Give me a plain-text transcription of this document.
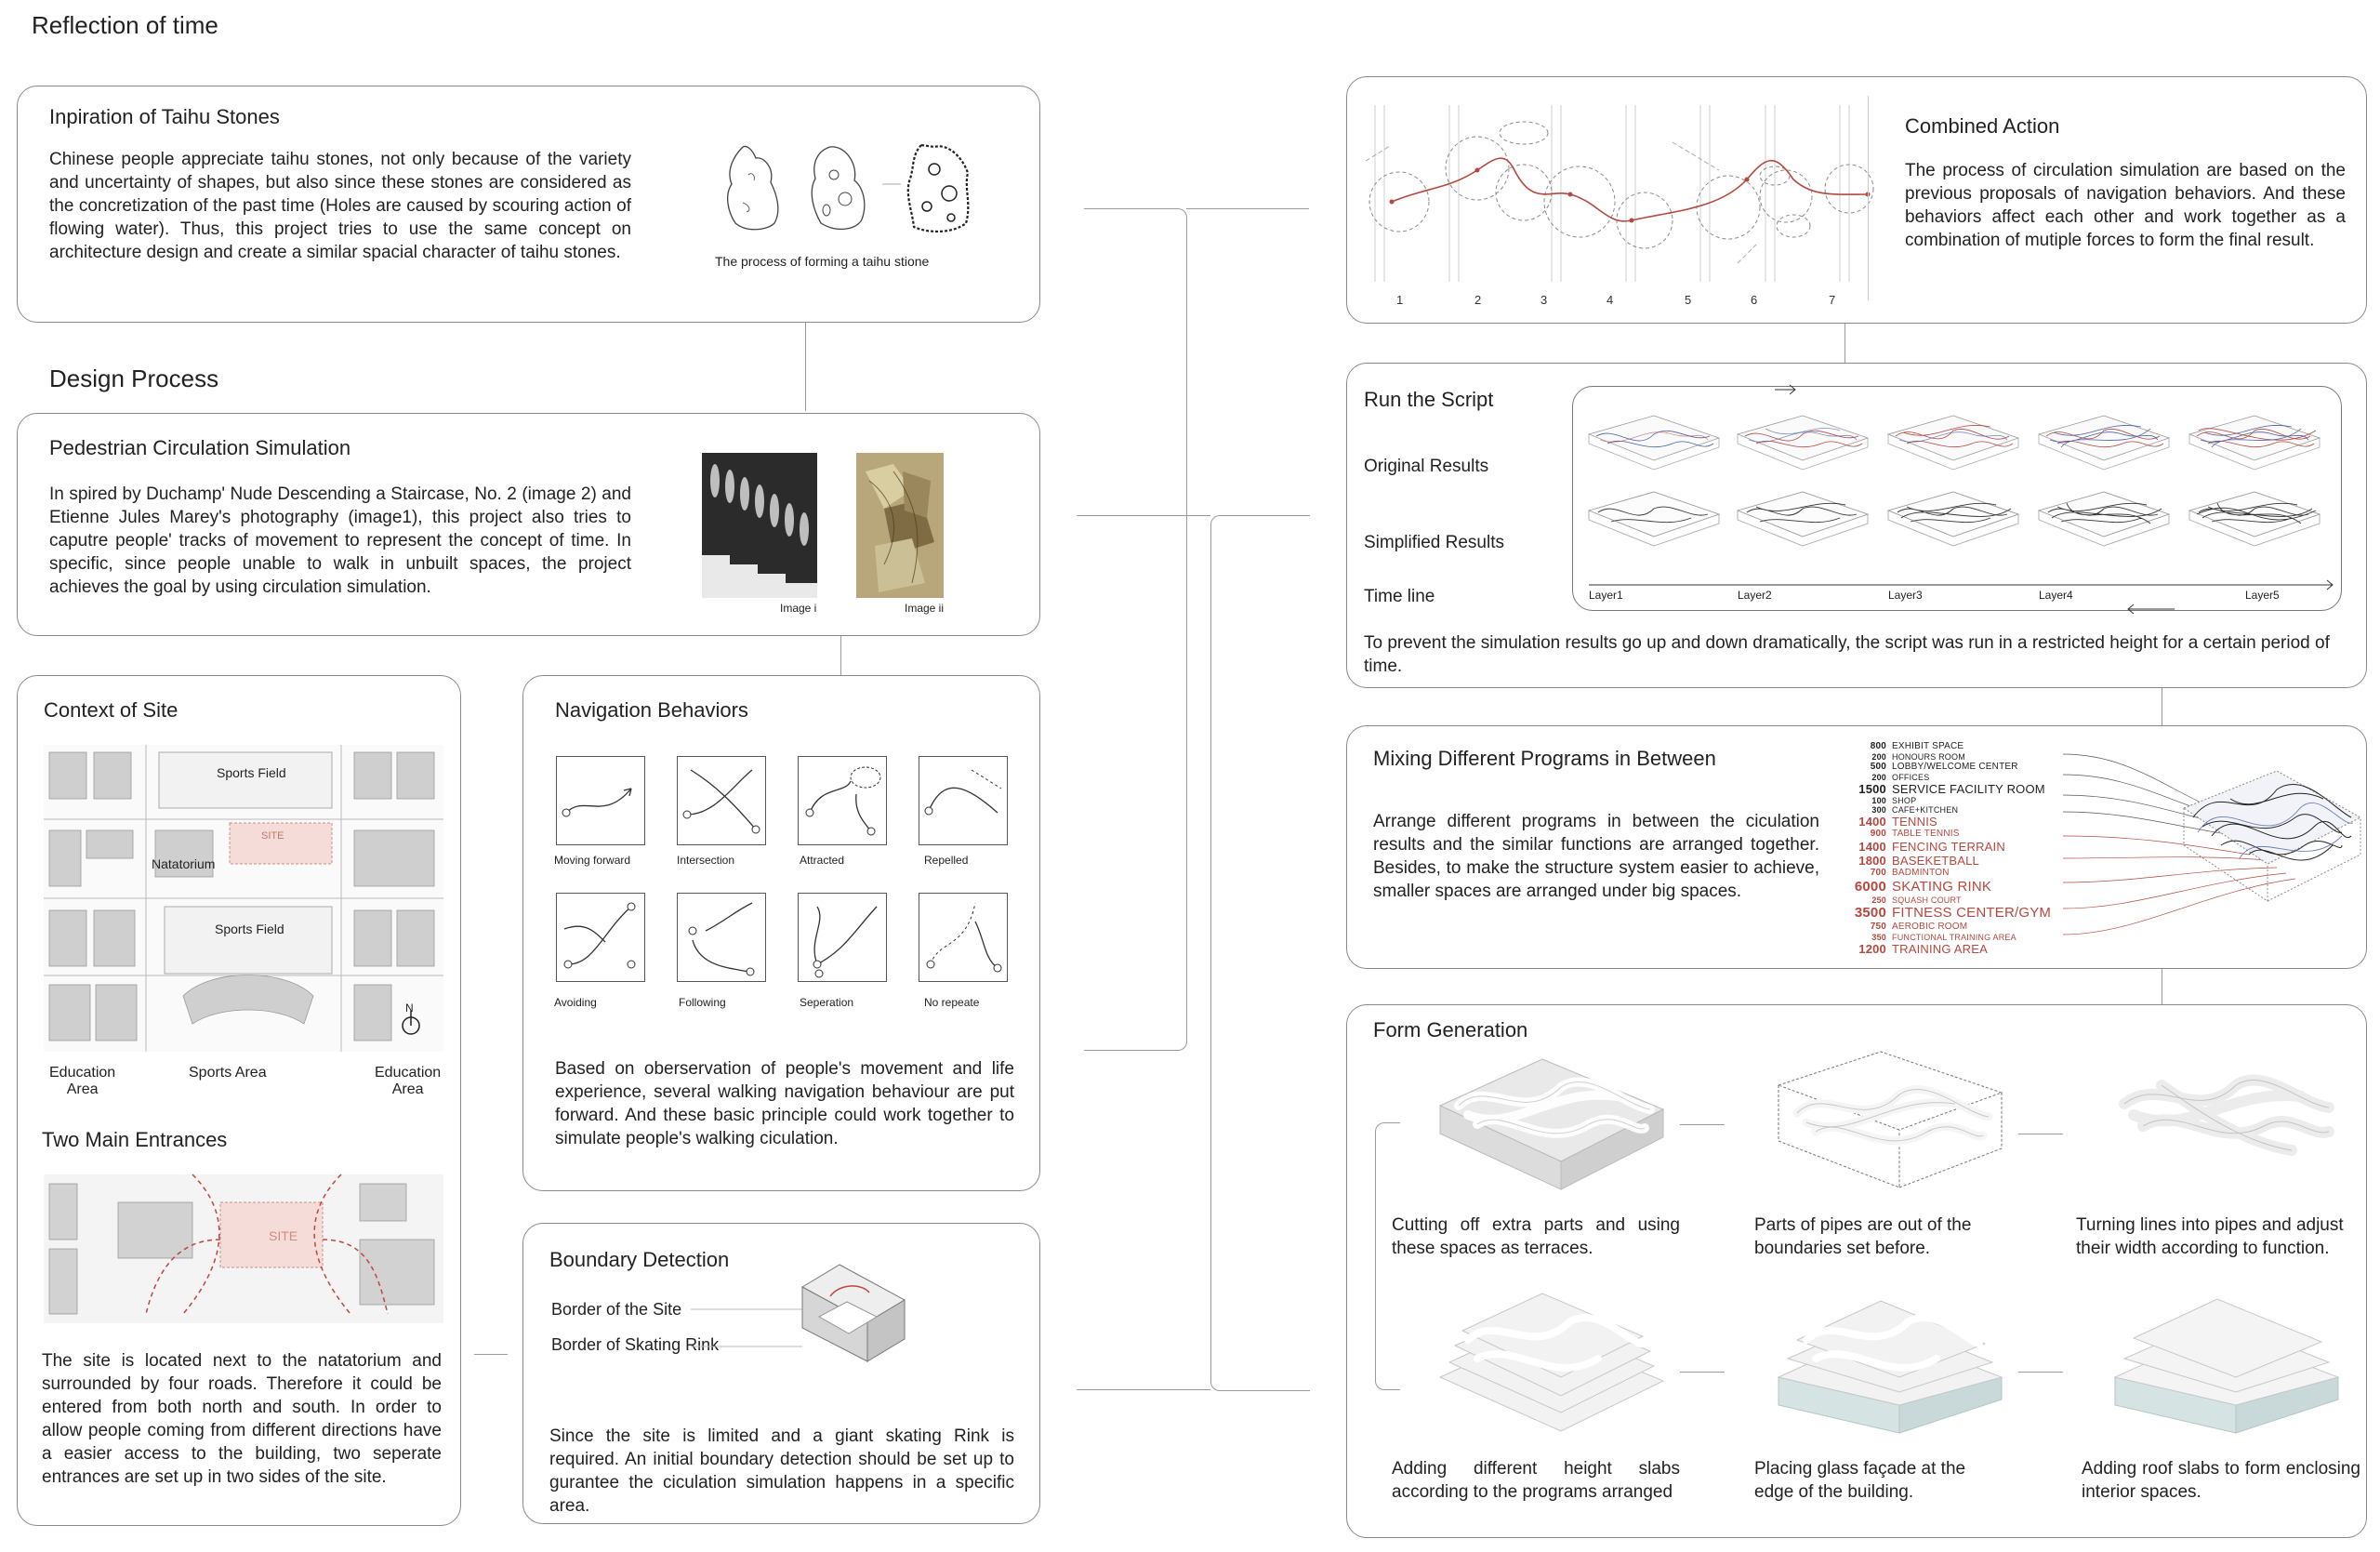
Reflection of time
Inpiration of Taihu Stones
Chinese people appreciate taihu stones, not only because of the variety and uncertainty of shapes, but also since these stones are considered as the concretization of the past time (Holes are caused by scouring action of flowing water). Thus, this project tries to use the same concept on architecture design and create a similar spacial character of taihu stones.	The process of forming a taihu stione
Design Process
Pedestrian Circulation Simulation
In spired by Duchamp' Nude Descending a Staircase, No. 2 (image 2) and Etienne Jules Marey's photography (image1), this project also tries to caputre people' tracks of movement to represent the concept of time. In specific, since people unable to walk in unbuilt spaces, the project achieves the goal by using circulation simulation.
Image i	Image ii
Context of Site
Sports Field
SITE
Natatorium
Sports Field
N
Education
Area
Sports Area	Education
Area
Two Main Entrances
SITE
The site is located next to the natatorium and surrounded by four roads. Therefore it could be entered from both north and south. In order to allow people coming from different directions have a easier access to the building, two seperate entrances are set up in two sides of the site.
Navigation Behaviors
Moving forward	Intersection	Attracted	Repelled
Avoiding	Following	Seperation	No repeate
Based on oberservation of people's movement and life experience, several walking navigation behaviour are put forward. And these basic principle could work together to simulate people's walking ciculation.
Boundary Detection
Border of the Site
Border of Skating Rink
Since the site is limited and a giant skating Rink is required. An initial boundary detection should be set up to gurantee the ciculation simulation happens in a specific area.
1	2	3	4	5	6	7
Combined Action
The process of circulation simulation are based on the previous proposals of navigation behaviors. And these behaviors affect each other and work together as a combination of mutiple forces to form the final result.
Run the Script
Original Results
Simplified Results
Time line	Layer1	Layer2	Layer3	Layer4	Layer5
To prevent the simulation results go up and down dramatically, the script was run in a restricted height for a certain period of time.
Mixing Different Programs in Between
Arrange different programs in between the ciculation results and the similar functions are arranged together. Besides, to make the structure system easier to achieve, smaller spaces are arranged under big spaces.
800 EXHIBIT SPACE
200 HONOURS ROOM
500 LOBBY/WELCOME CENTER
200 OFFICES
1500 SERVICE FACILITY ROOM
100 SHOP
300 CAFE+KITCHEN
1400 TENNIS
900 TABLE TENNIS
1400 FENCING TERRAIN
1800 BASEKETBALL
700 BADMINTON
6000 SKATING RINK
250 SQUASH COURT
3500 FITNESS CENTER/GYM
750 AEROBIC ROOM
350 FUNCTIONAL TRAINING AREA
1200 TRAINING AREA
Form Generation
Cutting off extra parts and using these spaces as terraces.
Parts of pipes are out of the boundaries set before.
Turning lines into pipes and adjust their width according to function.
Adding different height slabs according to the programs arranged
Placing glass façade at the edge of the building.
Adding roof slabs to form enclosing interior spaces.
